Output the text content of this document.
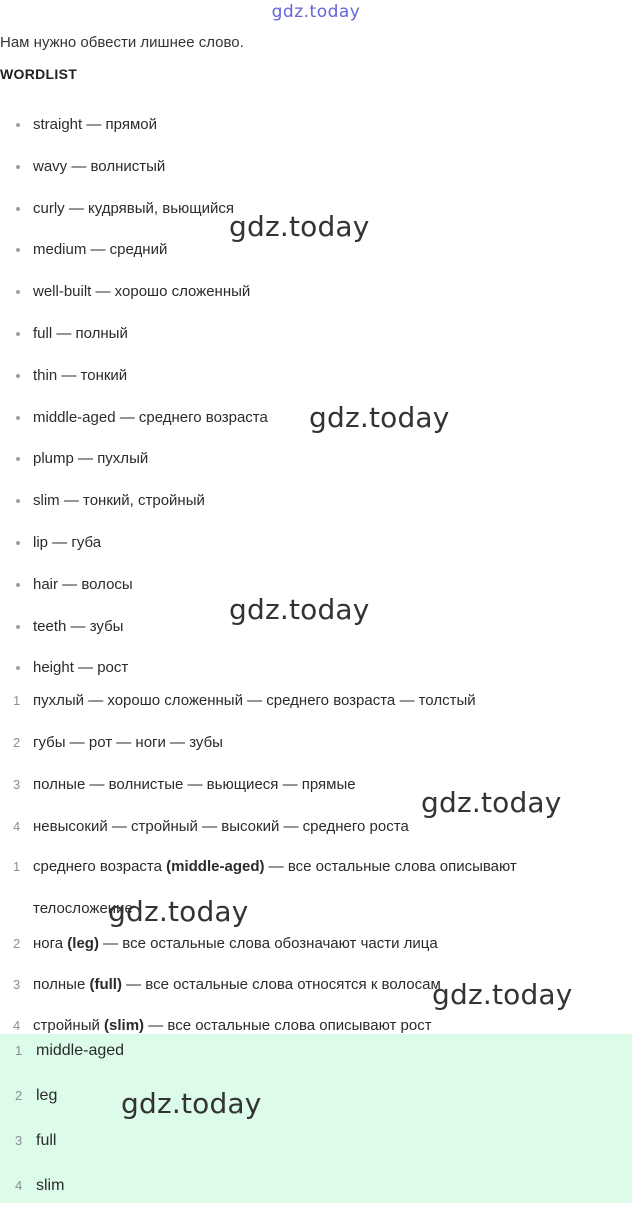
gdz.today
Нам нужно обвести лишнее слово.
WORDLIST
straight — прямой
wavy — волнистый
curly — кудрявый, вьющийся
medium — средний
well-built — хорошо сложенный
full — полный
thin — тонкий
middle-aged — среднего возраста
plump — пухлый
slim — тонкий, стройный
lip — губа
hair — волосы
teeth — зубы
height — рост
1 пухлый — хорошо сложенный — среднего возраста — толстый
2 губы — рот — ноги — зубы
3 полные — волнистые — вьющиеся — прямые
4 невысокий — стройный — высокий — среднего роста
1 среднего возраста (middle-aged) — все остальные слова описывают телосложение
2 нога (leg) — все остальные слова обозначают части лица
3 полные (full) — все остальные слова относятся к волосам
4 стройный (slim) — все остальные слова описывают рост
1 middle-aged
2 leg
3 full
4 slim
gdz.today
gdz.today
gdz.today
gdz.today
gdz.today
gdz.today
gdz.today
